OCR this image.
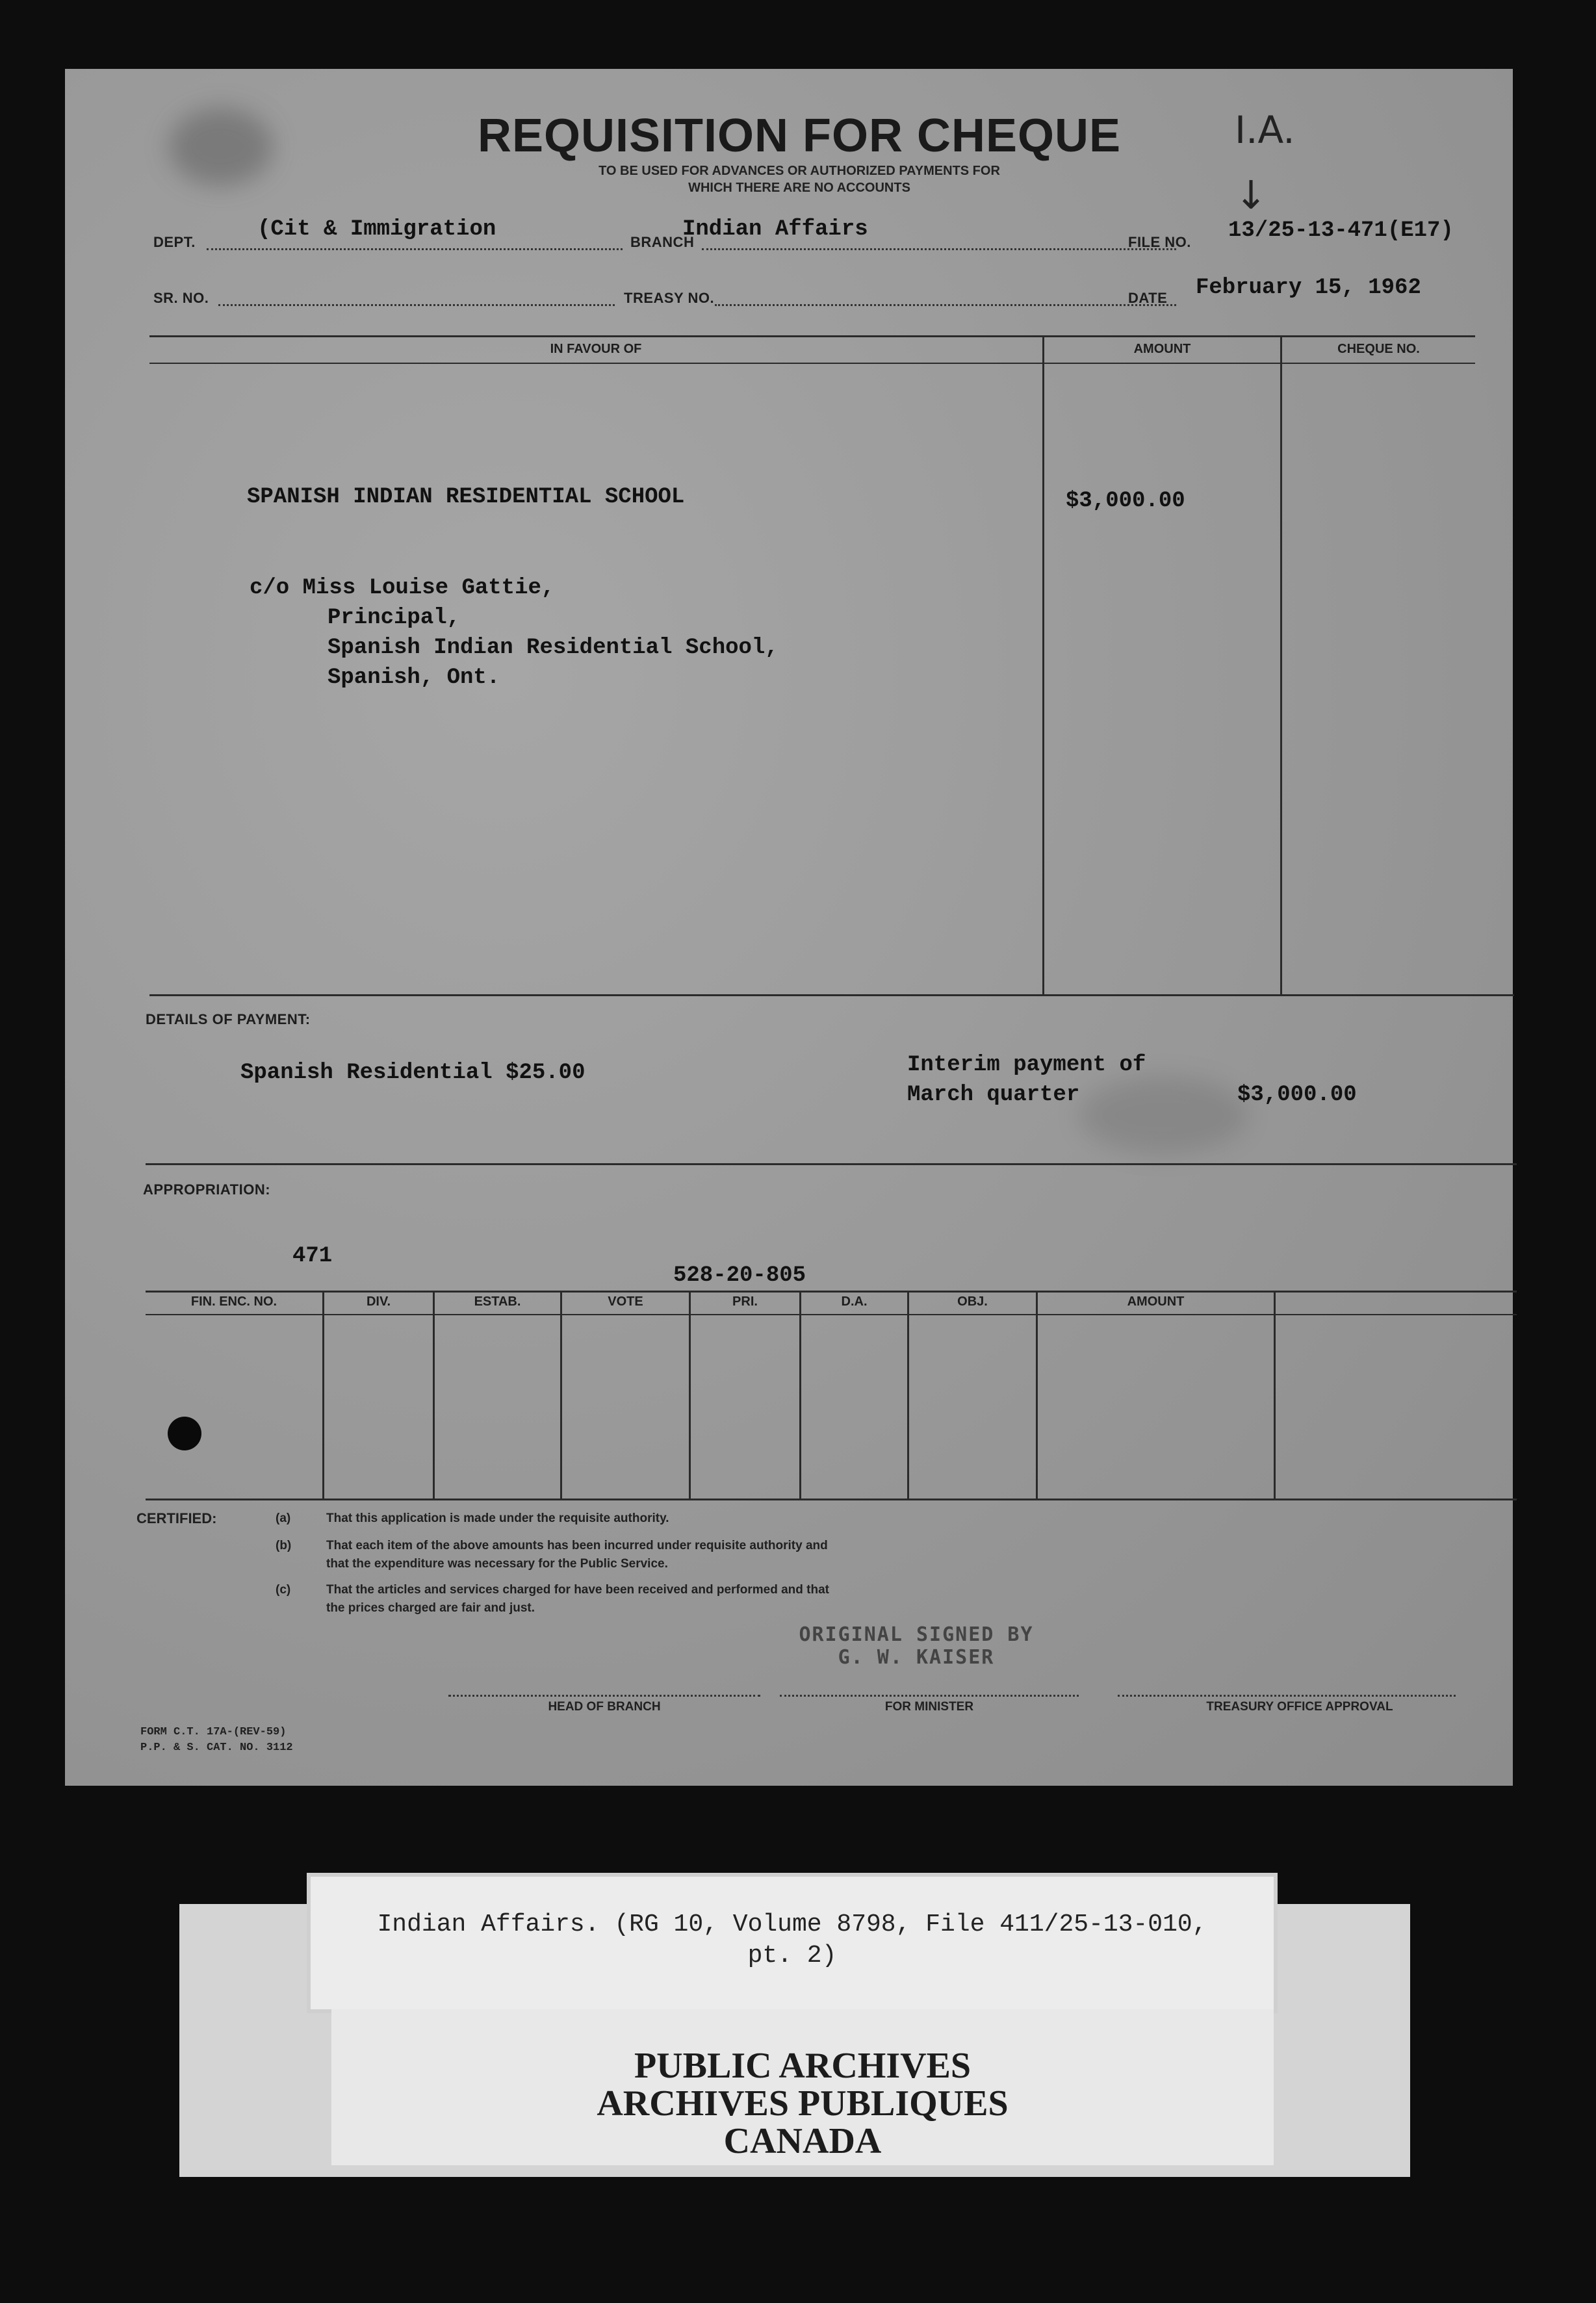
REQUISITION FOR CHEQUE
TO BE USED FOR ADVANCES OR AUTHORIZED PAYMENTS FOR
WHICH THERE ARE NO ACCOUNTS
I.A.
↓
DEPT.
(Cit & Immigration
BRANCH
Indian Affairs
FILE NO. 13/25-13-471(E17)
SR. NO.	TREASY NO.	DATE February 15, 1962
IN FAVOUR OF	AMOUNT	CHEQUE NO.
SPANISH INDIAN RESIDENTIAL SCHOOL	$3,000.00
c/o Miss Louise Gattie,
Principal,
Spanish Indian Residential School,
Spanish, Ont.
DETAILS OF PAYMENT:
Spanish Residential $25.00	Interim payment of
March quarter	$3,000.00
APPROPRIATION:
471
528-20-805
FIN. ENC. NO.	DIV.	ESTAB.	VOTE	PRI.	D.A.	OBJ.	AMOUNT
CERTIFIED:	(a)	That this application is made under the requisite authority.
(b)	That each item of the above amounts has been incurred under requisite authority and
that the expenditure was necessary for the Public Service.
(c)	That the articles and services charged for have been received and performed and that
the prices charged are fair and just.
ORIGINAL SIGNED BY
G. W. KAISER
HEAD OF BRANCH	FOR MINISTER	TREASURY OFFICE APPROVAL
FORM C.T. 17A-(REV-59)
P.P. & S. CAT. NO. 3112
Indian Affairs. (RG 10, Volume 8798, File 411/25-13-010,
pt. 2)
PUBLIC ARCHIVES
ARCHIVES PUBLIQUES
CANADA
